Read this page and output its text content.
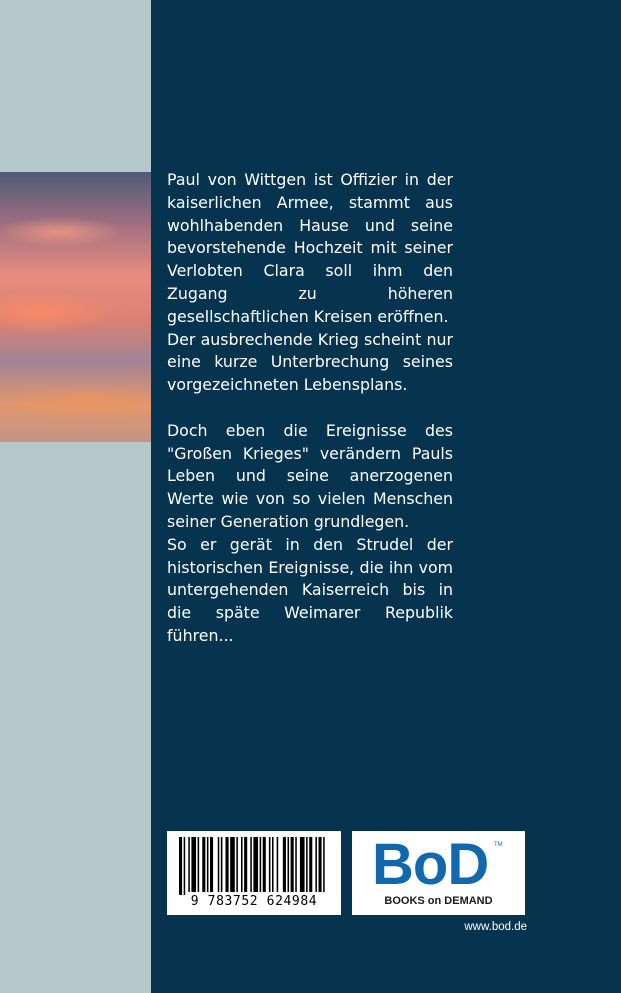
Paul von Wittgen ist Offizier in der kaiserlichen Armee, stammt aus wohlhabenden Hause und seine bevorstehende Hochzeit mit seiner Verlobten Clara soll ihm den Zugang zu höheren gesellschaftlichen Kreisen eröffnen.

Der ausbrechende Krieg scheint nur eine kurze Unterbrechung seines vorgezeichneten Lebensplans.

Doch eben die Ereignisse des "Großen Krieges" verändern Pauls Leben und seine anerzogenen Werte wie von so vielen Menschen seiner Generation grundlegen.

So er gerät in den Strudel der historischen Ereignisse, die ihn vom untergehenden Kaiserreich bis in die späte Weimarer Republik führen...

9 783752 624984
BoD TM
BOOKS on DEMAND
www.bod.de
